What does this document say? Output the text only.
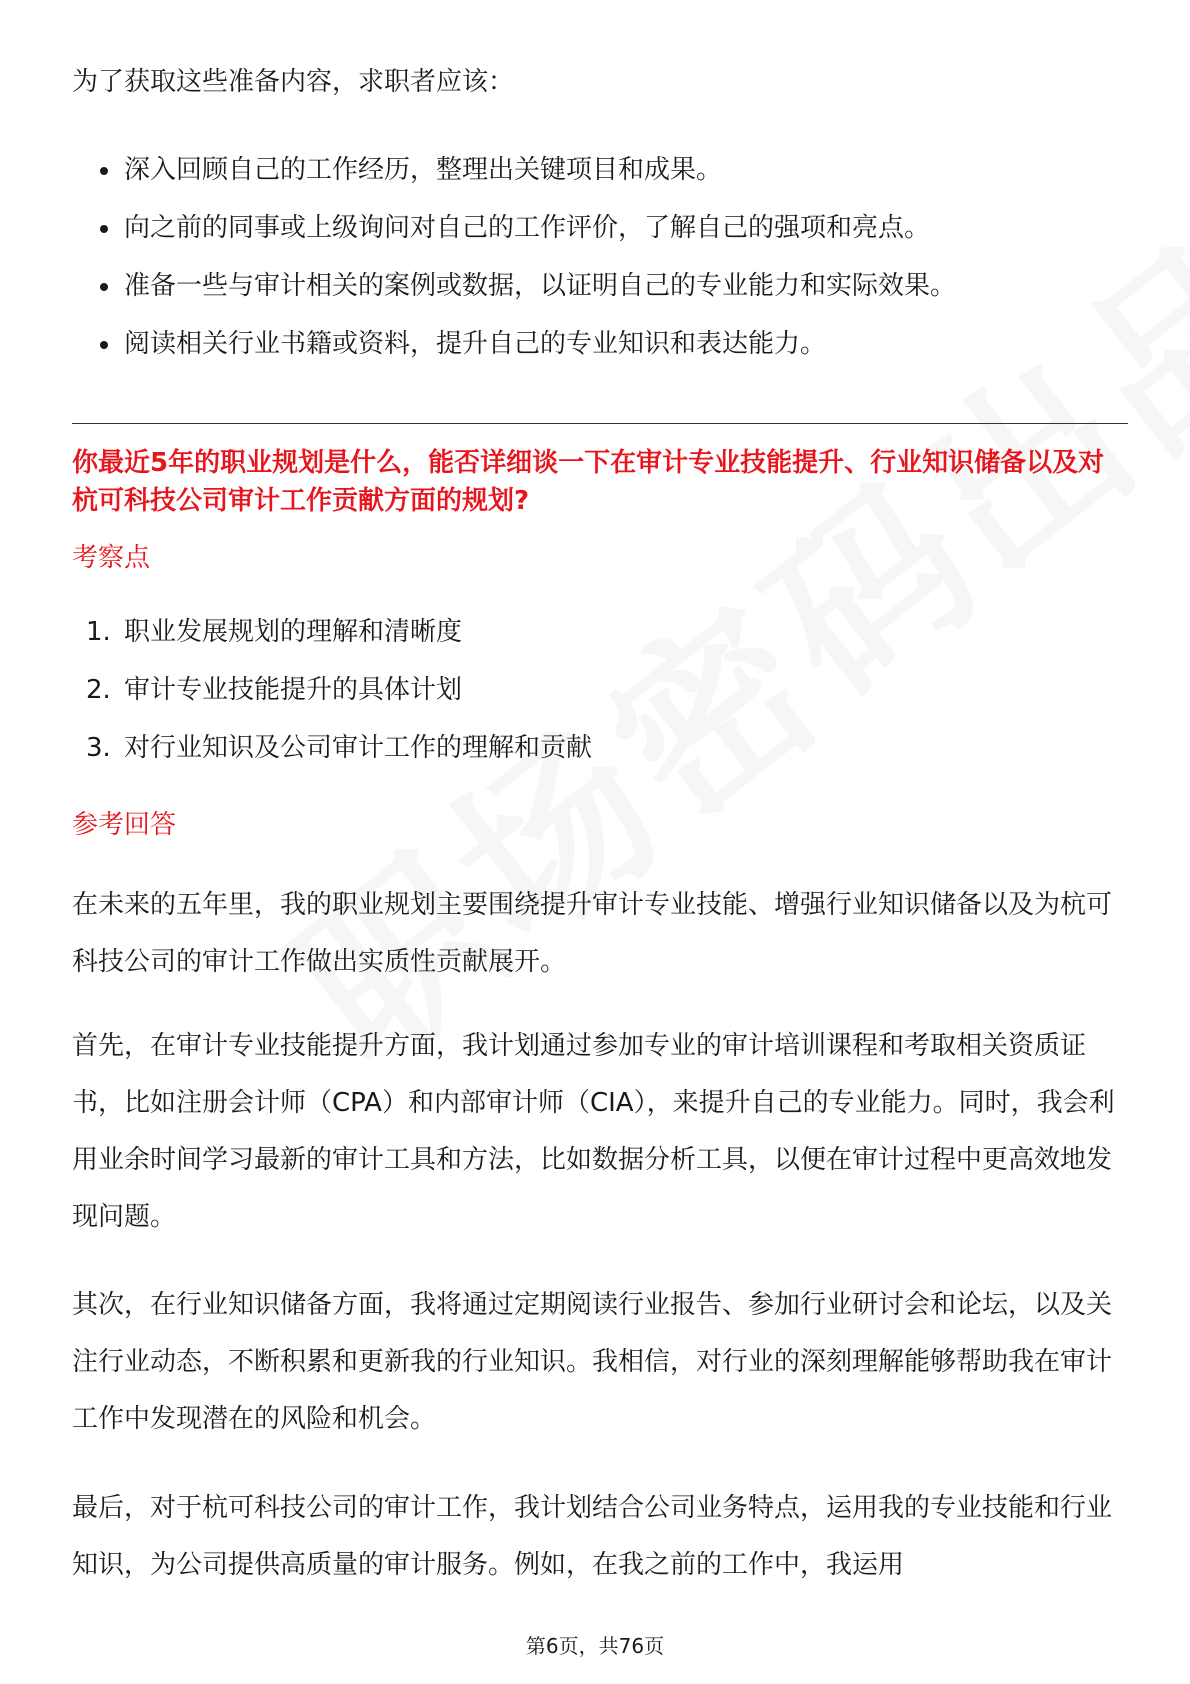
为了获取这些准备内容，求职者应该：

深入回顾自己的工作经历，整理出关键项目和成果。
向之前的同事或上级询问对自己的工作评价，了解自己的强项和亮点。
准备一些与审计相关的案例或数据，以证明自己的专业能力和实际效果。
阅读相关行业书籍或资料，提升自己的专业知识和表达能力。
你最近5年的职业规划是什么，能否详细谈一下在审计专业技能提升、行业知识储备以及对杭可科技公司审计工作贡献方面的规划?
考察点
1. 职业发展规划的理解和清晰度
2. 审计专业技能提升的具体计划
3. 对行业知识及公司审计工作的理解和贡献
参考回答

在未来的五年里，我的职业规划主要围绕提升审计专业技能、增强行业知识储备以及为杭可科技公司的审计工作做出实质性贡献展开。

首先，在审计专业技能提升方面，我计划通过参加专业的审计培训课程和考取相关资质证书，比如注册会计师（CPA）和内部审计师（CIA），来提升自己的专业能力。同时，我会利用业余时间学习最新的审计工具和方法，比如数据分析工具，以便在审计过程中更高效地发现问题。

其次，在行业知识储备方面，我将通过定期阅读行业报告、参加行业研讨会和论坛，以及关注行业动态，不断积累和更新我的行业知识。我相信，对行业的深刻理解能够帮助我在审计工作中发现潜在的风险和机会。

最后，对于杭可科技公司的审计工作，我计划结合公司业务特点，运用我的专业技能和行业知识，为公司提供高质量的审计服务。例如，在我之前的工作中，我运用

第6页，共76页
